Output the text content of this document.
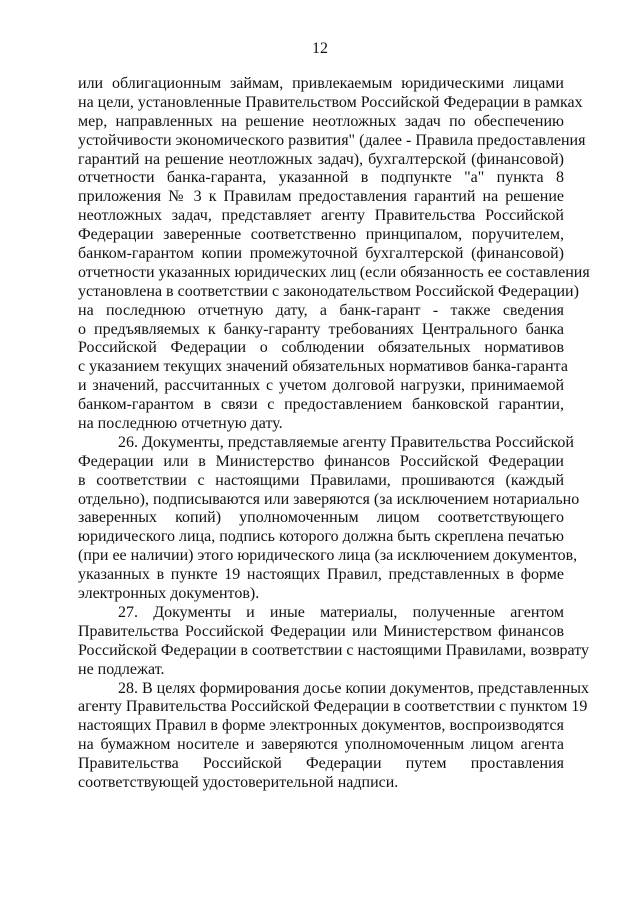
12
или облигационным займам, привлекаемым юридическими лицами
на цели, установленные Правительством Российской Федерации в рамках
мер, направленных на решение неотложных задач по обеспечению
устойчивости экономического развития" (далее - Правила предоставления
гарантий на решение неотложных задач), бухгалтерской (финансовой)
отчетности банка-гаранта, указанной в подпункте "а" пункта 8
приложения № 3 к Правилам предоставления гарантий на решение
неотложных задач, представляет агенту Правительства Российской
Федерации заверенные соответственно принципалом, поручителем,
банком-гарантом копии промежуточной бухгалтерской (финансовой)
отчетности указанных юридических лиц (если обязанность ее составления
установлена в соответствии с законодательством Российской Федерации)
на последнюю отчетную дату, а банк-гарант - также сведения
о предъявляемых к банку-гаранту требованиях Центрального банка
Российской Федерации о соблюдении обязательных нормативов
с указанием текущих значений обязательных нормативов банка-гаранта
и значений, рассчитанных с учетом долговой нагрузки, принимаемой
банком-гарантом в связи с предоставлением банковской гарантии,
на последнюю отчетную дату.
26. Документы, представляемые агенту Правительства Российской
Федерации или в Министерство финансов Российской Федерации
в соответствии с настоящими Правилами, прошиваются (каждый
отдельно), подписываются или заверяются (за исключением нотариально
заверенных копий) уполномоченным лицом соответствующего
юридического лица, подпись которого должна быть скреплена печатью
(при ее наличии) этого юридического лица (за исключением документов,
указанных в пункте 19 настоящих Правил, представленных в форме
электронных документов).
27. Документы и иные материалы, полученные агентом
Правительства Российской Федерации или Министерством финансов
Российской Федерации в соответствии с настоящими Правилами, возврату
не подлежат.
28. В целях формирования досье копии документов, представленных
агенту Правительства Российской Федерации в соответствии с пунктом 19
настоящих Правил в форме электронных документов, воспроизводятся
на бумажном носителе и заверяются уполномоченным лицом агента
Правительства Российской Федерации путем проставления
соответствующей удостоверительной надписи.
